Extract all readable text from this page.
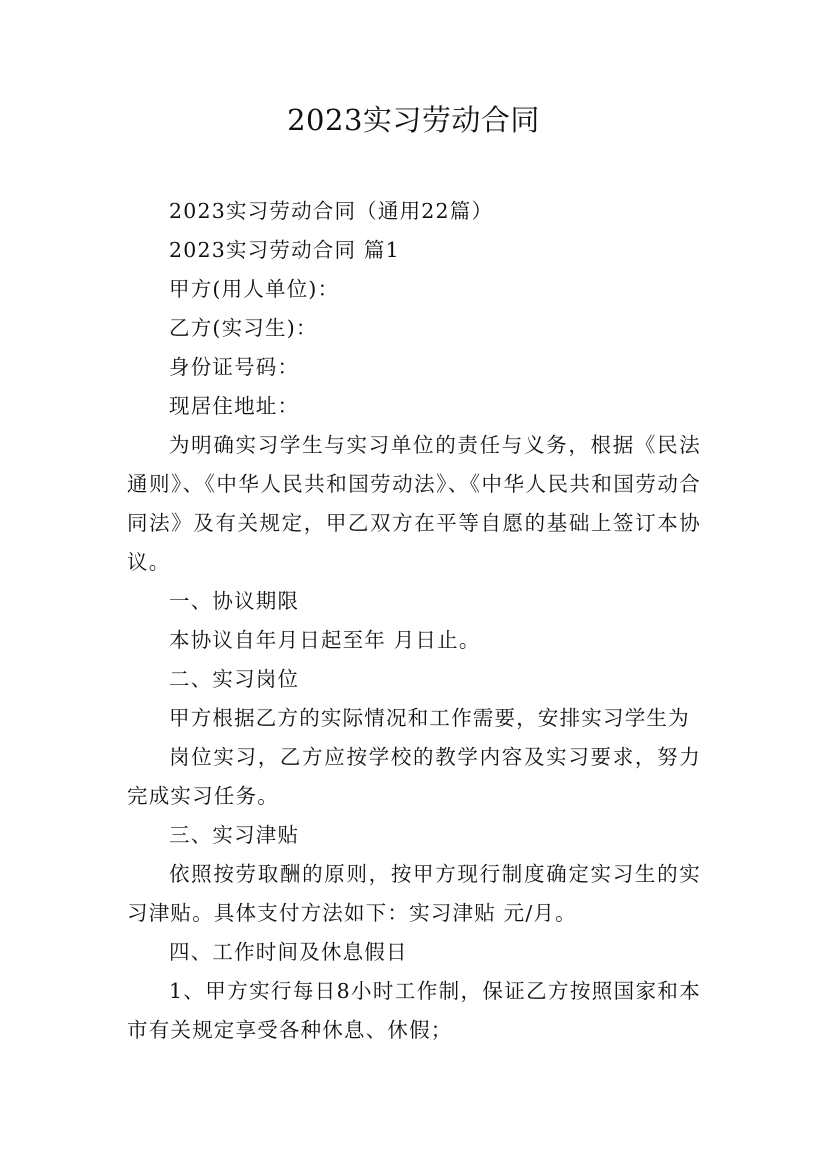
2023实习劳动合同

2023实习劳动合同（通用22篇）

2023实习劳动合同 篇1

甲方(用人单位)：

乙方(实习生)：

身份证号码：

现居住地址：

为明确实习学生与实习单位的责任与义务，根据《民法通则》、《中华人民共和国劳动法》、《中华人民共和国劳动合同法》及有关规定，甲乙双方在平等自愿的基础上签订本协议。

一、协议期限

本协议自年月日起至年 月日止。

二、实习岗位

甲方根据乙方的实际情况和工作需要，安排实习学生为

岗位实习，乙方应按学校的教学内容及实习要求，努力完成实习任务。

三、实习津贴

依照按劳取酬的原则，按甲方现行制度确定实习生的实习津贴。具体支付方法如下：实习津贴 元/月。

四、工作时间及休息假日

1、甲方实行每日8小时工作制，保证乙方按照国家和本市有关规定享受各种休息、休假；
